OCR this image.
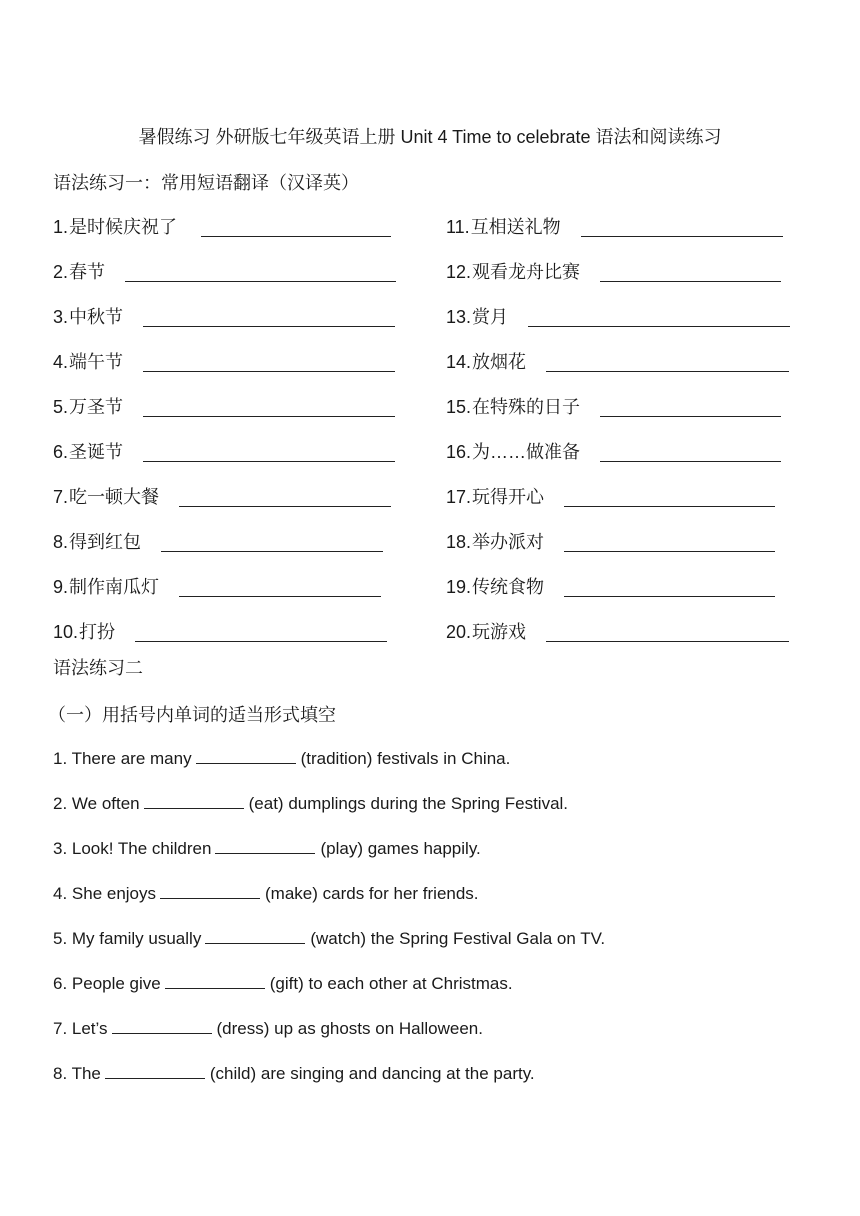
暑假练习 外研版七年级英语上册 Unit 4 Time to celebrate 语法和阅读练习
语法练习一：常用短语翻译（汉译英）
1. 是时候庆祝了	11. 互相送礼物
2. 春节	12. 观看龙舟比赛
3. 中秋节	13. 赏月
4. 端午节	14. 放烟花
5. 万圣节	15. 在特殊的日子
6. 圣诞节	16. 为……做准备
7. 吃一顿大餐	17. 玩得开心
8. 得到红包	18. 举办派对
9. 制作南瓜灯	19. 传统食物
10. 打扮	20. 玩游戏
语法练习二
（一）用括号内单词的适当形式填空
1. There are many	(tradition) festivals in China.
2. We often	(eat) dumplings during the Spring Festival.
3. Look! The children	(play) games happily.
4. She enjoys	(make) cards for her friends.
5. My family usually	(watch) the Spring Festival Gala on TV.
6. People give	(gift) to each other at Christmas.
7. Let’s	(dress) up as ghosts on Halloween.
8. The	(child) are singing and dancing at the party.
